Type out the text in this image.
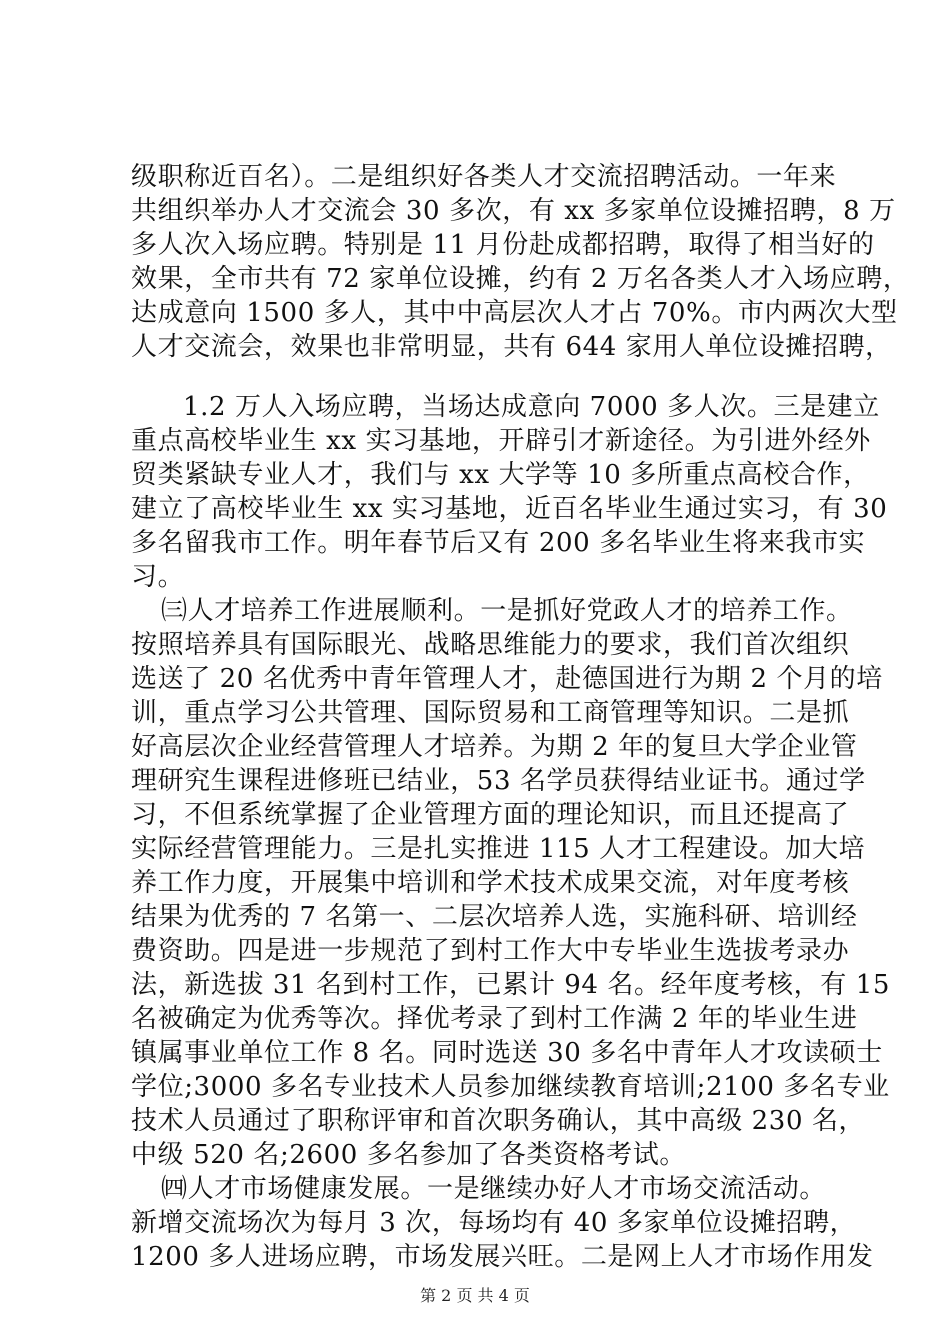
级职称近百名）。二是组织好各类人才交流招聘活动。一年来
共组织举办人才交流会 30 多次，有 xx 多家单位设摊招聘，8 万
多人次入场应聘。特别是 11 月份赴成都招聘，取得了相当好的
效果，全市共有 72 家单位设摊，约有 2 万名各类人才入场应聘，
达成意向 1500 多人，其中中高层次人才占 70%。市内两次大型
人才交流会，效果也非常明显，共有 644 家用人单位设摊招聘，
1.2 万人入场应聘，当场达成意向 7000 多人次。三是建立
重点高校毕业生 xx 实习基地，开辟引才新途径。为引进外经外
贸类紧缺专业人才，我们与 xx 大学等 10 多所重点高校合作，
建立了高校毕业生 xx 实习基地，近百名毕业生通过实习，有 30
多名留我市工作。明年春节后又有 200 多名毕业生将来我市实
习。
㈢人才培养工作进展顺利。一是抓好党政人才的培养工作。
按照培养具有国际眼光、战略思维能力的要求，我们首次组织
选送了 20 名优秀中青年管理人才，赴德国进行为期 2 个月的培
训，重点学习公共管理、国际贸易和工商管理等知识。二是抓
好高层次企业经营管理人才培养。为期 2 年的复旦大学企业管
理研究生课程进修班已结业，53 名学员获得结业证书。通过学
习，不但系统掌握了企业管理方面的理论知识，而且还提高了
实际经营管理能力。三是扎实推进 115 人才工程建设。加大培
养工作力度，开展集中培训和学术技术成果交流，对年度考核
结果为优秀的 7 名第一、二层次培养人选，实施科研、培训经
费资助。四是进一步规范了到村工作大中专毕业生选拔考录办
法，新选拔 31 名到村工作，已累计 94 名。经年度考核，有 15
名被确定为优秀等次。择优考录了到村工作满 2 年的毕业生进
镇属事业单位工作 8 名。同时选送 30 多名中青年人才攻读硕士
学位;3000 多名专业技术人员参加继续教育培训;2100 多名专业
技术人员通过了职称评审和首次职务确认，其中高级 230 名，
中级 520 名;2600 多名参加了各类资格考试。
㈣人才市场健康发展。一是继续办好人才市场交流活动。
新增交流场次为每月 3 次，每场均有 40 多家单位设摊招聘，
1200 多人进场应聘，市场发展兴旺。二是网上人才市场作用发
第 2 页 共 4 页
